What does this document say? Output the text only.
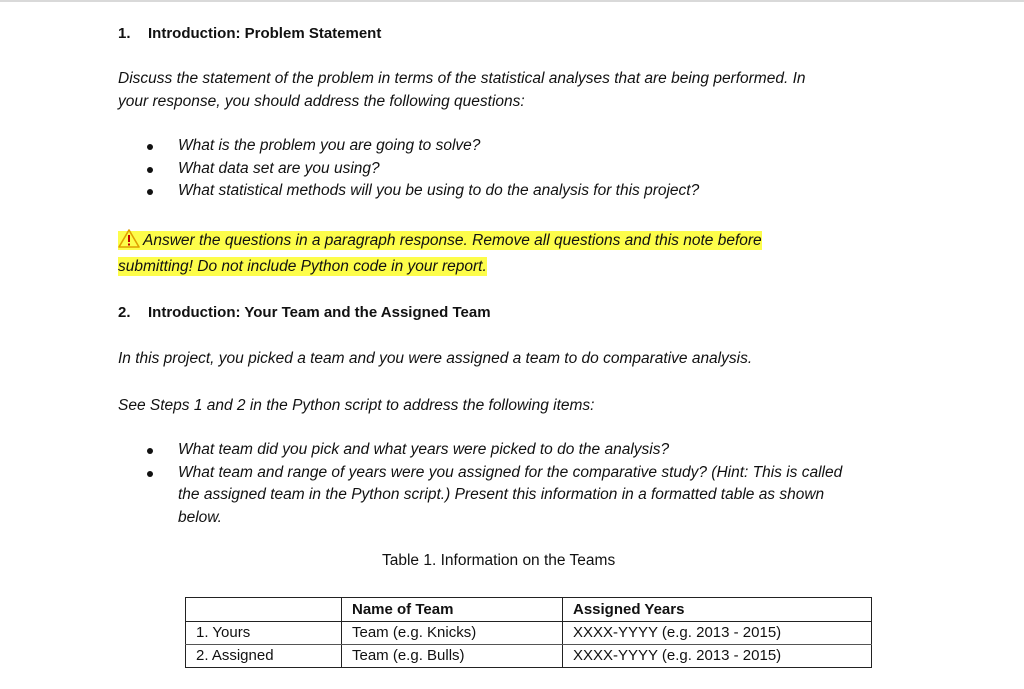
1. Introduction: Problem Statement
Discuss the statement of the problem in terms of the statistical analyses that are being performed. In
your response, you should address the following questions:
What is the problem you are going to solve?
What data set are you using?
What statistical methods will you be using to do the analysis for this project?
Answer the questions in a paragraph response. Remove all questions and this note before
submitting! Do not include Python code in your report.
2. Introduction: Your Team and the Assigned Team
In this project, you picked a team and you were assigned a team to do comparative analysis.
See Steps 1 and 2 in the Python script to address the following items:
What team did you pick and what years were picked to do the analysis?
What team and range of years were you assigned for the comparative study? (Hint: This is called
the assigned team in the Python script.) Present this information in a formatted table as shown
below.
Table 1. Information on the Teams
	Name of Team	Assigned Years
1. Yours	Team (e.g. Knicks)	XXXX-YYYY (e.g. 2013 - 2015)
2. Assigned	Team (e.g. Bulls)	XXXX-YYYY (e.g. 2013 - 2015)
